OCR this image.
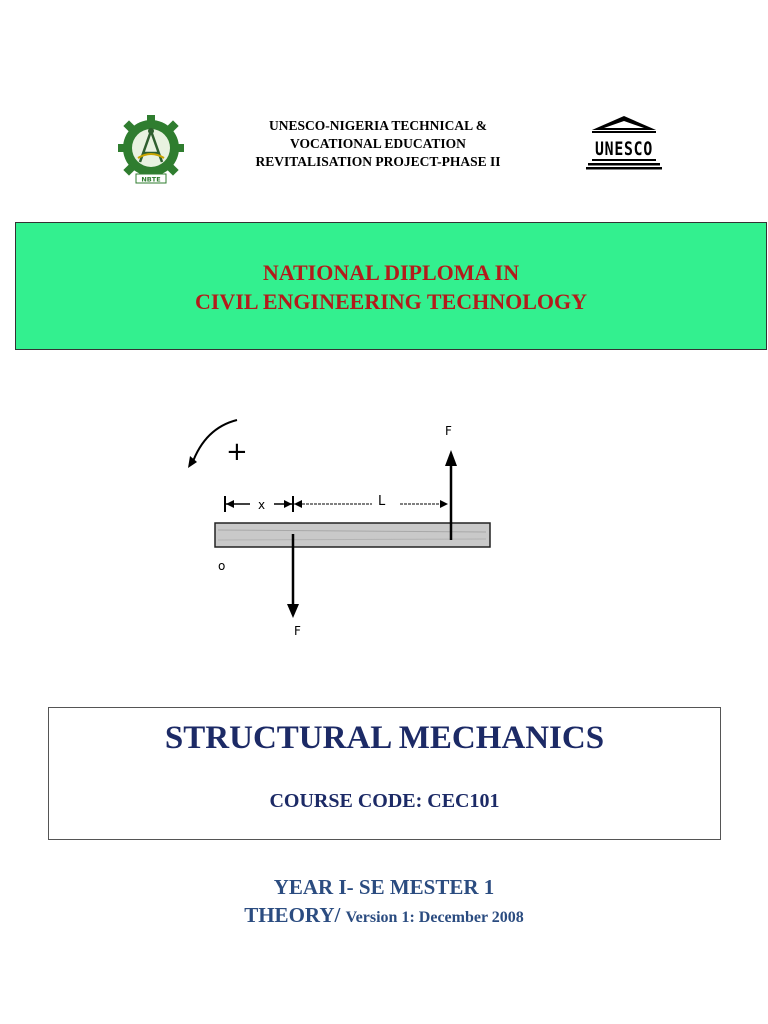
NBTE
UNESCO-NIGERIA TECHNICAL &
VOCATIONAL EDUCATION
REVITALISATION PROJECT-PHASE II
UNESCO
NATIONAL DIPLOMA IN
CIVIL ENGINEERING TECHNOLOGY
+
x	L
F
F
o
STRUCTURAL MECHANICS
COURSE CODE: CEC101
YEAR I- SE MESTER 1
THEORY/ Version 1: December 2008
